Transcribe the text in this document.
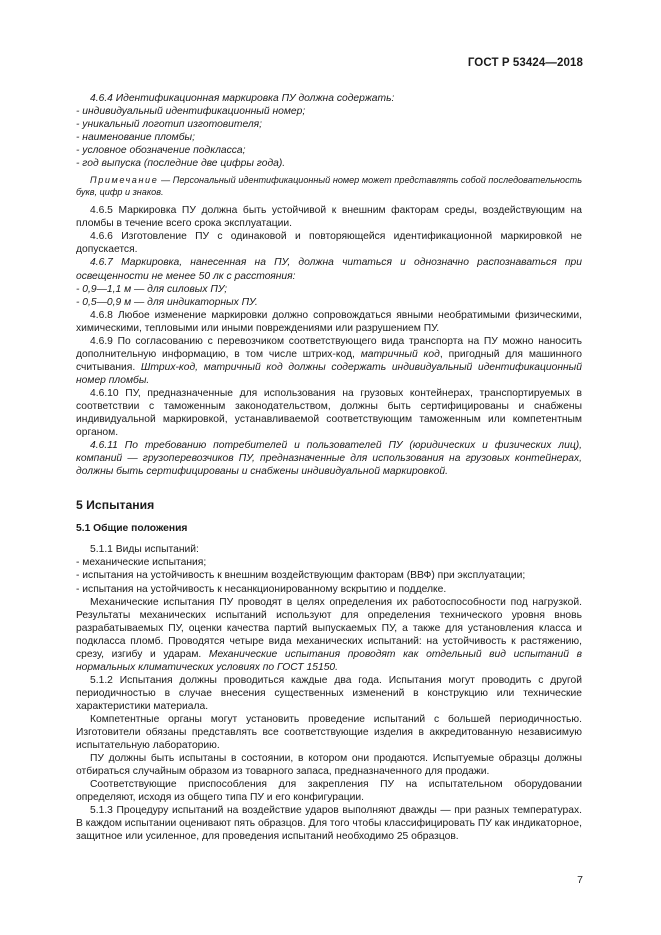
ГОСТ Р 53424—2018

4.6.4 Идентификационная маркировка ПУ должна содержать:

- индивидуальный идентификационный номер;

- уникальный логотип изготовителя;

- наименование пломбы;

- условное обозначение подкласса;

- год выпуска (последние две цифры года).

Примечание — Персональный идентификационный номер может представлять собой последовательность букв, цифр и знаков.

4.6.5 Маркировка ПУ должна быть устойчивой к внешним факторам среды, воздействующим на пломбы в течение всего срока эксплуатации.

4.6.6 Изготовление ПУ с одинаковой и повторяющейся идентификационной маркировкой не допускается.

4.6.7 Маркировка, нанесенная на ПУ, должна читаться и однозначно распознаваться при освещенности не менее 50 лк с расстояния:

- 0,9—1,1 м — для силовых ПУ;

- 0,5—0,9 м — для индикаторных ПУ.

4.6.8 Любое изменение маркировки должно сопровождаться явными необратимыми физическими, химическими, тепловыми или иными повреждениями или разрушением ПУ.

4.6.9 По согласованию с перевозчиком соответствующего вида транспорта на ПУ можно наносить дополнительную информацию, в том числе штрих-код, матричный код, пригодный для машинного считывания. Штрих-код, матричный код должны содержать индивидуальный идентификационный номер пломбы.

4.6.10 ПУ, предназначенные для использования на грузовых контейнерах, транспортируемых в соответствии с таможенным законодательством, должны быть сертифицированы и снабжены индивидуальной маркировкой, устанавливаемой соответствующим таможенным или компетентным органом.

4.6.11 По требованию потребителей и пользователей ПУ (юридических и физических лиц), компаний — грузоперевозчиков ПУ, предназначенные для использования на грузовых контейнерах, должны быть сертифицированы и снабжены индивидуальной маркировкой.

5 Испытания
5.1 Общие положения

5.1.1 Виды испытаний:

- механические испытания;

- испытания на устойчивость к внешним воздействующим факторам (ВВФ) при эксплуатации;

- испытания на устойчивость к несанкционированному вскрытию и подделке.

Механические испытания ПУ проводят в целях определения их работоспособности под нагрузкой. Результаты механических испытаний используют для определения технического уровня вновь разрабатываемых ПУ, оценки качества партий выпускаемых ПУ, а также для установления класса и подкласса пломб. Проводятся четыре вида механических испытаний: на устойчивость к растяжению, срезу, изгибу и ударам. Механические испытания проводят как отдельный вид испытаний в нормальных климатических условиях по ГОСТ 15150.

5.1.2 Испытания должны проводиться каждые два года. Испытания могут проводить с другой периодичностью в случае внесения существенных изменений в конструкцию или технические характеристики материала.

Компетентные органы могут установить проведение испытаний с большей периодичностью. Изготовители обязаны представлять все соответствующие изделия в аккредитованную независимую испытательную лабораторию.

ПУ должны быть испытаны в состоянии, в котором они продаются. Испытуемые образцы должны отбираться случайным образом из товарного запаса, предназначенного для продажи.

Соответствующие приспособления для закрепления ПУ на испытательном оборудовании определяют, исходя из общего типа ПУ и его конфигурации.

5.1.3 Процедуру испытаний на воздействие ударов выполняют дважды — при разных температурах. В каждом испытании оценивают пять образцов. Для того чтобы классифицировать ПУ как индикаторное, защитное или усиленное, для проведения испытаний необходимо 25 образцов.

7
